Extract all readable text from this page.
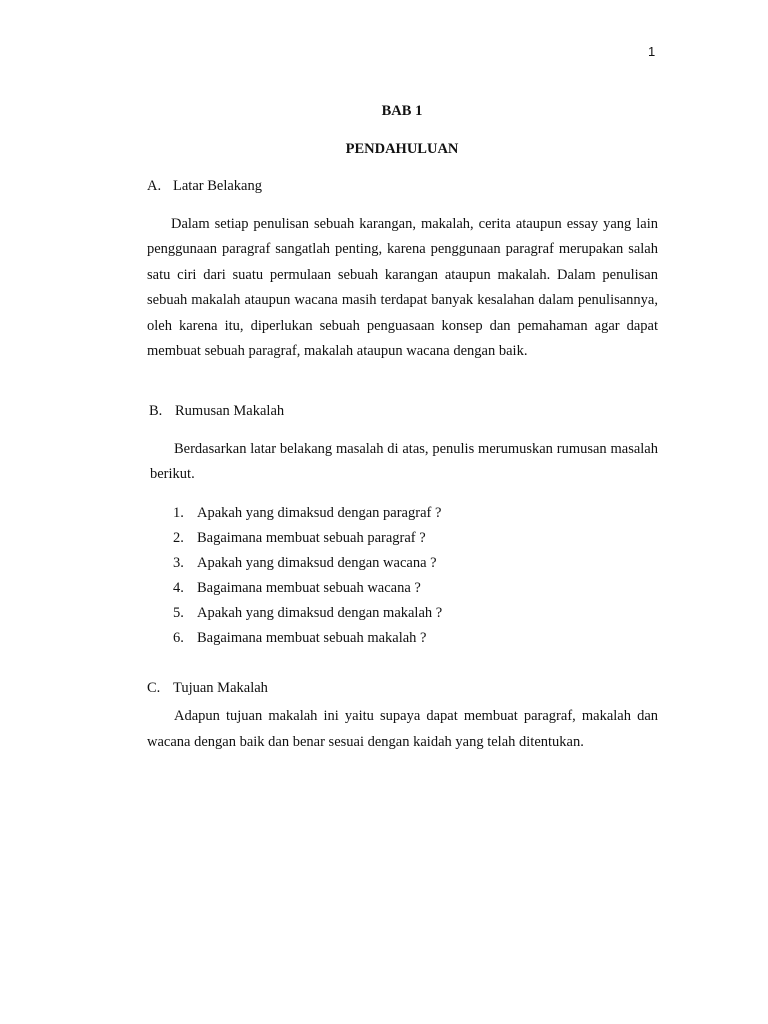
1
BAB 1
PENDAHULUAN
A. Latar Belakang

Dalam setiap penulisan sebuah karangan, makalah, cerita ataupun essay yang lain penggunaan paragraf sangatlah penting, karena penggunaan paragraf merupakan salah satu ciri dari suatu permulaan sebuah karangan ataupun makalah. Dalam penulisan sebuah makalah ataupun wacana masih terdapat banyak kesalahan dalam penulisannya, oleh karena itu, diperlukan sebuah penguasaan konsep dan pemahaman agar dapat membuat sebuah paragraf, makalah ataupun wacana dengan baik.

B. Rumusan Makalah

Berdasarkan latar belakang masalah di atas, penulis merumuskan rumusan masalah berikut.

1. Apakah yang dimaksud dengan paragraf ?
2. Bagaimana membuat sebuah paragraf ?
3. Apakah yang dimaksud dengan wacana ?
4. Bagaimana membuat sebuah wacana ?
5. Apakah yang dimaksud dengan makalah ?
6. Bagaimana membuat sebuah makalah ?
C. Tujuan Makalah

Adapun tujuan makalah ini yaitu supaya dapat membuat paragraf, makalah dan wacana dengan baik dan benar sesuai dengan kaidah yang telah ditentukan.
